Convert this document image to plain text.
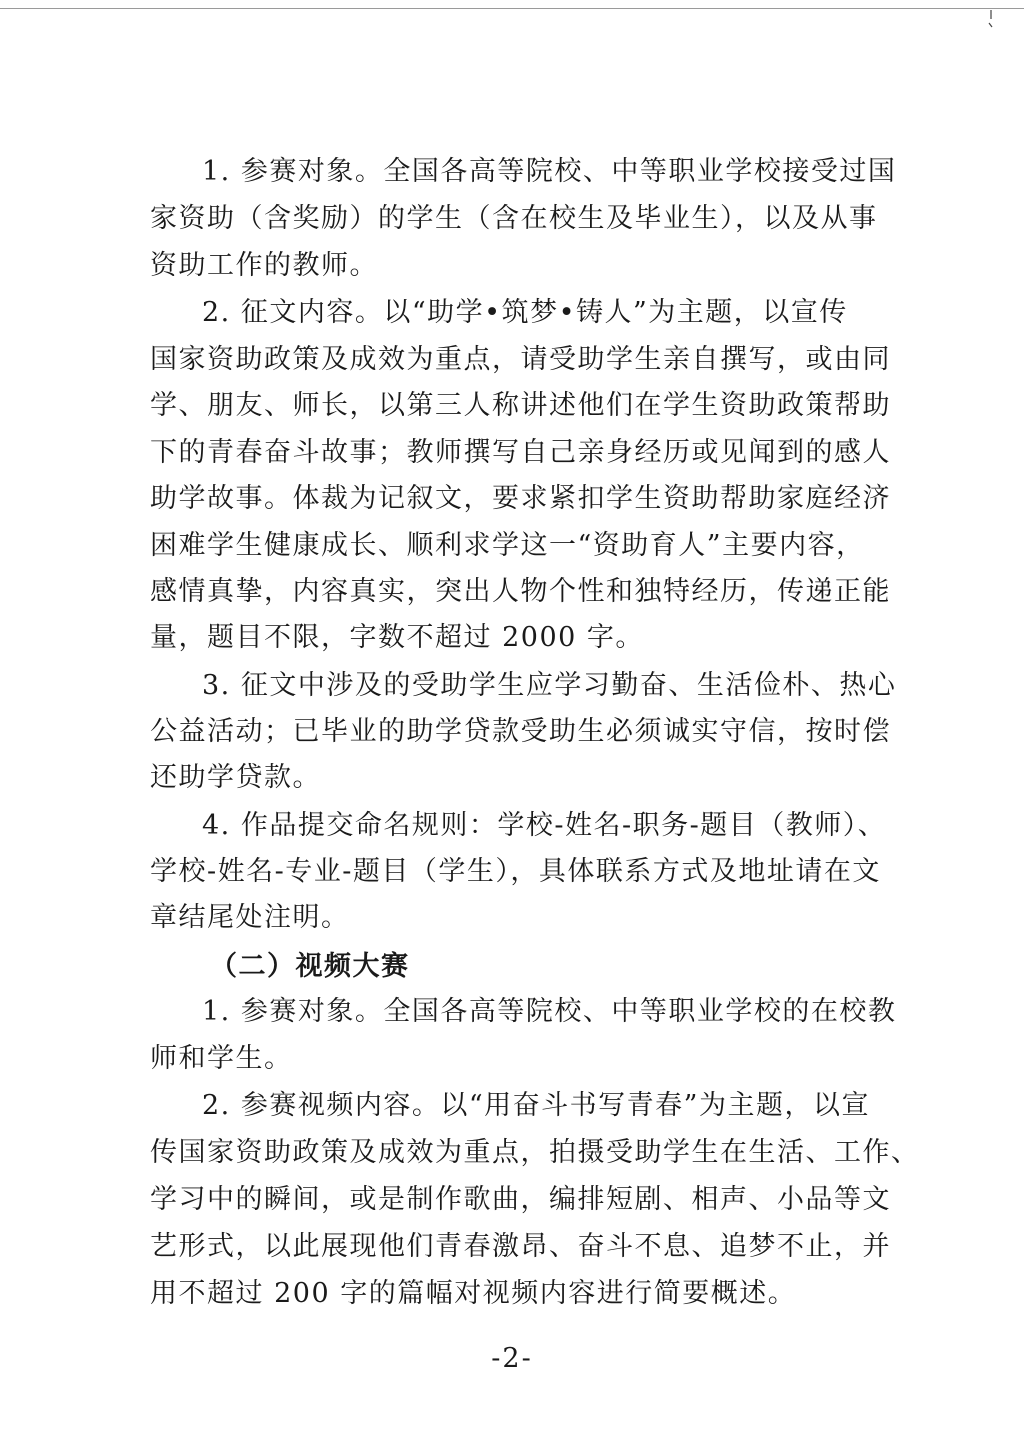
1. 参赛对象。全国各高等院校、中等职业学校接受过国
家资助（含奖励）的学生（含在校生及毕业生），以及从事
资助工作的教师。
2. 征文内容。以“助学•筑梦•铸人”为主题，以宣传
国家资助政策及成效为重点，请受助学生亲自撰写，或由同
学、朋友、师长，以第三人称讲述他们在学生资助政策帮助
下的青春奋斗故事；教师撰写自己亲身经历或见闻到的感人
助学故事。体裁为记叙文，要求紧扣学生资助帮助家庭经济
困难学生健康成长、顺利求学这一“资助育人”主要内容，
感情真挚，内容真实，突出人物个性和独特经历，传递正能
量，题目不限，字数不超过 2000 字。
3. 征文中涉及的受助学生应学习勤奋、生活俭朴、热心
公益活动；已毕业的助学贷款受助生必须诚实守信，按时偿
还助学贷款。
4. 作品提交命名规则：学校-姓名-职务-题目（教师）、
学校-姓名-专业-题目（学生），具体联系方式及地址请在文
章结尾处注明。
（二）视频大赛
1. 参赛对象。全国各高等院校、中等职业学校的在校教
师和学生。
2. 参赛视频内容。以“用奋斗书写青春”为主题，以宣
传国家资助政策及成效为重点，拍摄受助学生在生活、工作、
学习中的瞬间，或是制作歌曲，编排短剧、相声、小品等文
艺形式，以此展现他们青春激昂、奋斗不息、追梦不止，并
用不超过 200 字的篇幅对视频内容进行简要概述。
-2-
